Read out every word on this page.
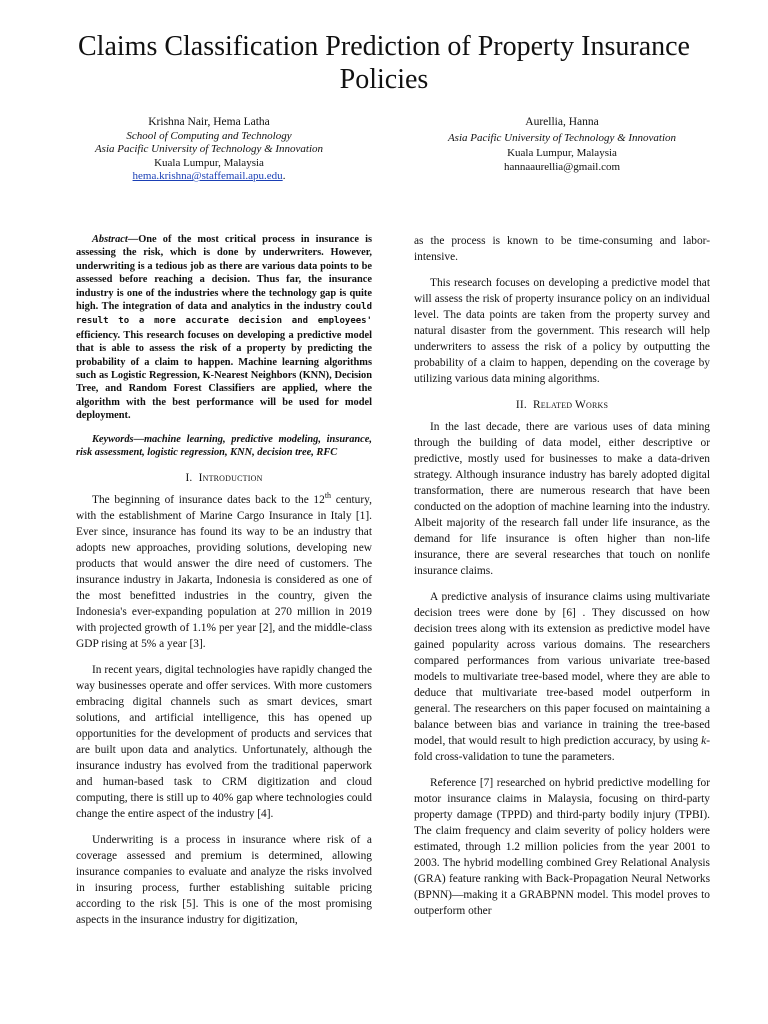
Claims Classification Prediction of Property Insurance Policies
Krishna Nair, Hema Latha
School of Computing and Technology
Asia Pacific University of Technology & Innovation
Kuala Lumpur, Malaysia
hema.krishna@staffemail.apu.edu.
Aurellia, Hanna
Asia Pacific University of Technology & Innovation
Kuala Lumpur, Malaysia
hannaaurellia@gmail.com

Abstract—One of the most critical process in insurance is assessing the risk, which is done by underwriters. However, underwriting is a tedious job as there are various data points to be assessed before reaching a decision. Thus far, the insurance industry is one of the industries where the technology gap is quite high. The integration of data and analytics in the industry could result to a more accurate decision and employees' efficiency. This research focuses on developing a predictive model that is able to assess the risk of a property by predicting the probability of a claim to happen. Machine learning algorithms such as Logistic Regression, K-Nearest Neighbors (KNN), Decision Tree, and Random Forest Classifiers are applied, where the algorithm with the best performance will be used for model deployment.

Keywords—machine learning, predictive modeling, insurance, risk assessment, logistic regression, KNN, decision tree, RFC

I. Introduction

The beginning of insurance dates back to the 12th century, with the establishment of Marine Cargo Insurance in Italy [1]. Ever since, insurance has found its way to be an industry that adopts new approaches, providing solutions, developing new products that would answer the dire need of customers. The insurance industry in Jakarta, Indonesia is considered as one of the most benefitted industries in the country, given the Indonesia's ever-expanding population at 270 million in 2019 with projected growth of 1.1% per year [2], and the middle-class GDP rising at 5% a year [3].

In recent years, digital technologies have rapidly changed the way businesses operate and offer services. With more customers embracing digital channels such as smart devices, smart solutions, and artificial intelligence, this has opened up opportunities for the development of products and services that are built upon data and analytics. Unfortunately, although the insurance industry has evolved from the traditional paperwork and human-based task to CRM digitization and cloud computing, there is still up to 40% gap where technologies could change the entire aspect of the industry [4].

Underwriting is a process in insurance where risk of a coverage assessed and premium is determined, allowing insurance companies to evaluate and analyze the risks involved in insuring process, further establishing suitable pricing according to the risk [5]. This is one of the most promising aspects in the insurance industry for digitization,

as the process is known to be time-consuming and labor-intensive.

This research focuses on developing a predictive model that will assess the risk of property insurance policy on an individual level. The data points are taken from the property survey and natural disaster from the government. This research will help underwriters to assess the risk of a policy by outputting the probability of a claim to happen, depending on the coverage by utilizing various data mining algorithms.

II. Related Works

In the last decade, there are various uses of data mining through the building of data model, either descriptive or predictive, mostly used for businesses to make a data-driven strategy. Although insurance industry has barely adopted digital transformation, there are numerous research that have been conducted on the adoption of machine learning into the industry. Albeit majority of the research fall under life insurance, as the demand for life insurance is often higher than non-life insurance, there are several researches that touch on nonlife insurance claims.

A predictive analysis of insurance claims using multivariate decision trees were done by [6] . They discussed on how decision trees along with its extension as predictive model have gained popularity across various domains. The researchers compared performances from various univariate tree-based models to multivariate tree-based model, where they are able to deduce that multivariate tree-based model outperform in general. The researchers on this paper focused on maintaining a balance between bias and variance in training the tree-based model, that would result to high prediction accuracy, by using k-fold cross-validation to tune the parameters.

Reference [7] researched on hybrid predictive modelling for motor insurance claims in Malaysia, focusing on third-party property damage (TPPD) and third-party bodily injury (TPBI). The claim frequency and claim severity of policy holders were estimated, through 1.2 million policies from the year 2001 to 2003. The hybrid modelling combined Grey Relational Analysis (GRA) feature ranking with Back-Propagation Neural Networks (BPNN)—making it a GRABPNN model. This model proves to outperform other
